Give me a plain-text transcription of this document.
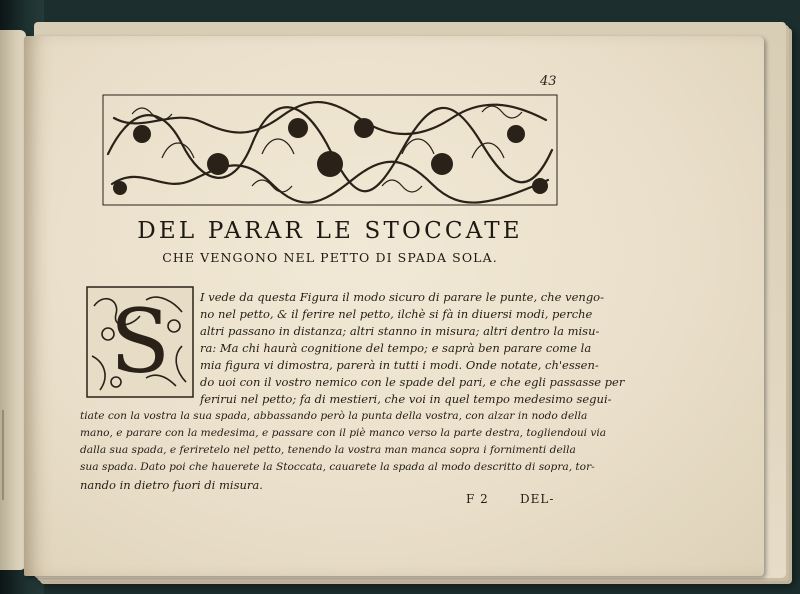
43
DEL PARAR LE STOCCATE
CHE VENGONO NEL PETTO DI SPADA SOLA.
S	I vede da questa Figura il modo sicuro di parare le punte, che vengo-
no nel petto, & il ferire nel petto, ilchè si fà in diuersi modi, perche
altri passano in distanza; altri stanno in misura; altri dentro la misu-
ra: Ma chi haurà cognitione del tempo; e saprà ben parare come la
mia figura vi dimostra, parerà in tutti i modi. Onde notate, ch'essen-
do uoi con il vostro nemico con le spade del pari, e che egli passasse per
ferirui nel petto; fa di mestieri, che voi in quel tempo medesimo segui-
tiate con la vostra la sua spada, abbassando però la punta della vostra, con alzar in nodo della
mano, e parare con la medesima, e passare con il piè manco verso la parte destra, togliendoui via
dalla sua spada, e feriretelo nel petto, tenendo la vostra man manca sopra i fornimenti della
sua spada. Dato poi che hauerete la Stoccata, cauarete la spada al modo descritto di sopra, tor-
nando in dietro fuori di misura.
F 2	DEL-
